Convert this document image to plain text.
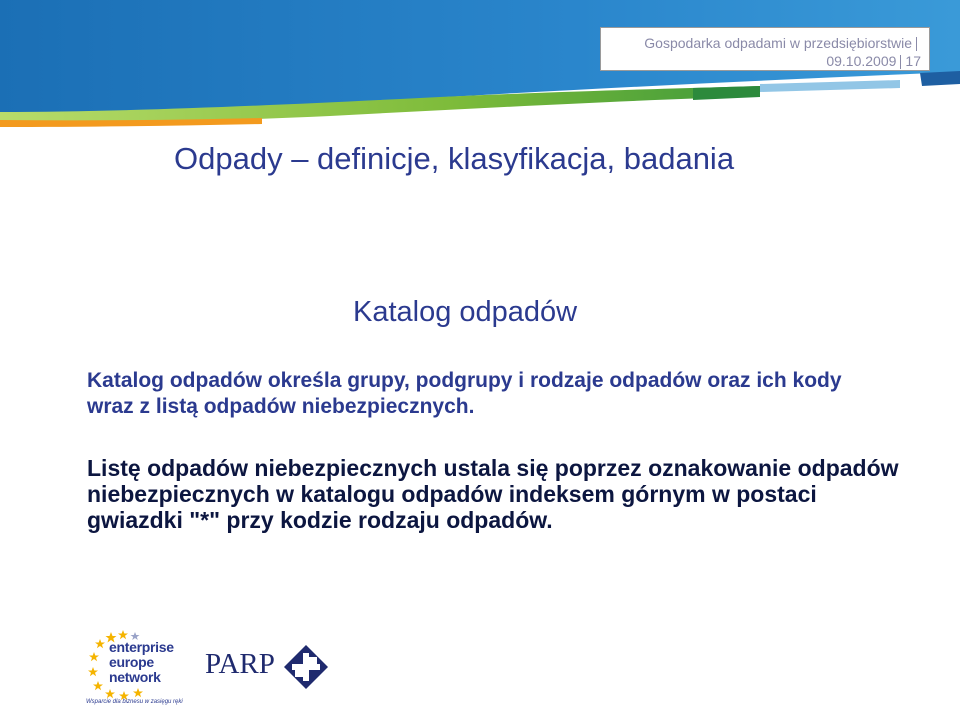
Gospodarka odpadami w przedsiębiorstwie
09.10.2009 17
Odpady – definicje, klasyfikacja, badania
Katalog odpadów

Katalog odpadów określa grupy, podgrupy i rodzaje odpadów oraz ich kody wraz z listą odpadów niebezpiecznych.

Listę odpadów niebezpiecznych ustala się poprzez oznakowanie odpadów niebezpiecznych w katalogu odpadów indeksem górnym w postaci gwiazdki "*" przy kodzie rodzaju odpadów.

enterprise
europe
network
Wsparcie dla biznesu w zasięgu ręki
PARP
